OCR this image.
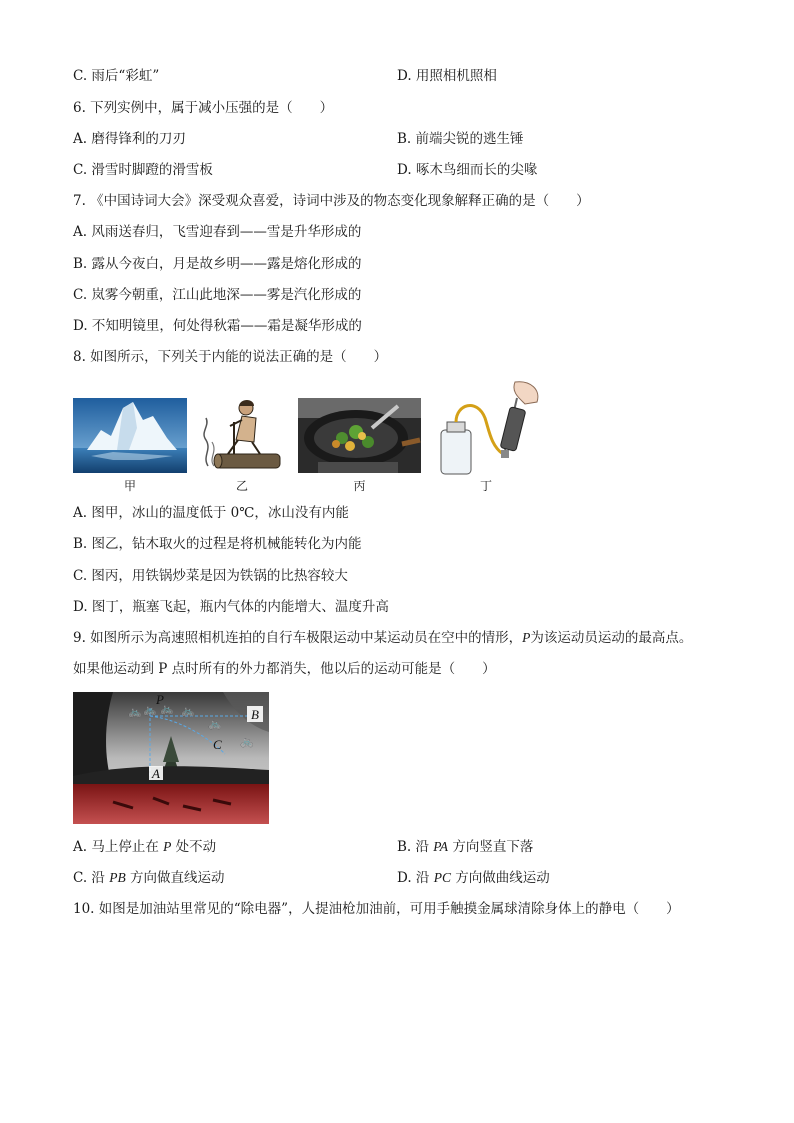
C. 雨后“彩虹”	D. 用照相机照相
6. 下列实例中，属于减小压强的是（　　）
A. 磨得锋利的刀刃	B. 前端尖锐的逃生锤
C. 滑雪时脚蹬的滑雪板	D. 啄木鸟细而长的尖喙
7. 《中国诗词大会》深受观众喜爱，诗词中涉及的物态变化现象解释正确的是（　　）
A. 风雨送春归，飞雪迎春到——雪是升华形成的
B. 露从今夜白，月是故乡明——露是熔化形成的
C. 岚雾今朝重，江山此地深——雾是汽化形成的
D. 不知明镜里，何处得秋霜——霜是凝华形成的
8. 如图所示，下列关于内能的说法正确的是（　　）
甲	乙	丙	丁
A. 图甲，冰山的温度低于 0℃，冰山没有内能
B. 图乙，钻木取火的过程是将机械能转化为内能
C. 图丙，用铁锅炒菜是因为铁锅的比热容较大
D. 图丁，瓶塞飞起，瓶内气体的内能增大、温度升高
9. 如图所示为高速照相机连拍的自行车极限运动中某运动员在空中的情形，P为该运动员运动的最高点。
如果他运动到 P 点时所有的外力都消失，他以后的运动可能是（　　）
🚲 🚲 🚲 🚲
🚲
🚲
P
B
C
A
A. 马上停止在 P 处不动	B. 沿 PA 方向竖直下落
C. 沿 PB 方向做直线运动	D. 沿 PC 方向做曲线运动
10. 如图是加油站里常见的“除电器”，人提油枪加油前，可用手触摸金属球清除身体上的静电（　　）
